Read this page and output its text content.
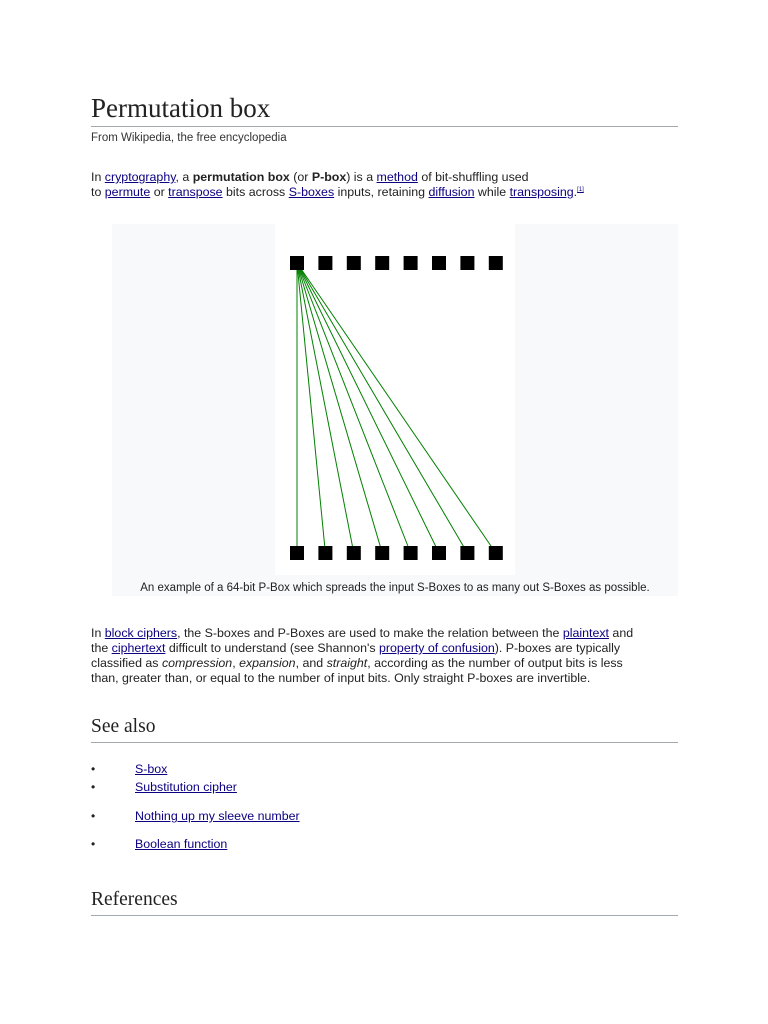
Permutation box
From Wikipedia, the free encyclopedia

In cryptography, a permutation box (or P-box) is a method of bit-shuffling used

to permute or transpose bits across S-boxes inputs, retaining diffusion while transposing.[1]

An example of a 64-bit P-Box which spreads the input S-Boxes to as many out S-Boxes as possible.

In block ciphers, the S-boxes and P-Boxes are used to make the relation between the plaintext and

the ciphertext difficult to understand (see Shannon's property of confusion). P-boxes are typically

classified as compression, expansion, and straight, according as the number of output bits is less

than, greater than, or equal to the number of input bits. Only straight P-boxes are invertible.

See also
•	S-box
•	Substitution cipher
•	Nothing up my sleeve number
•	Boolean function
References
